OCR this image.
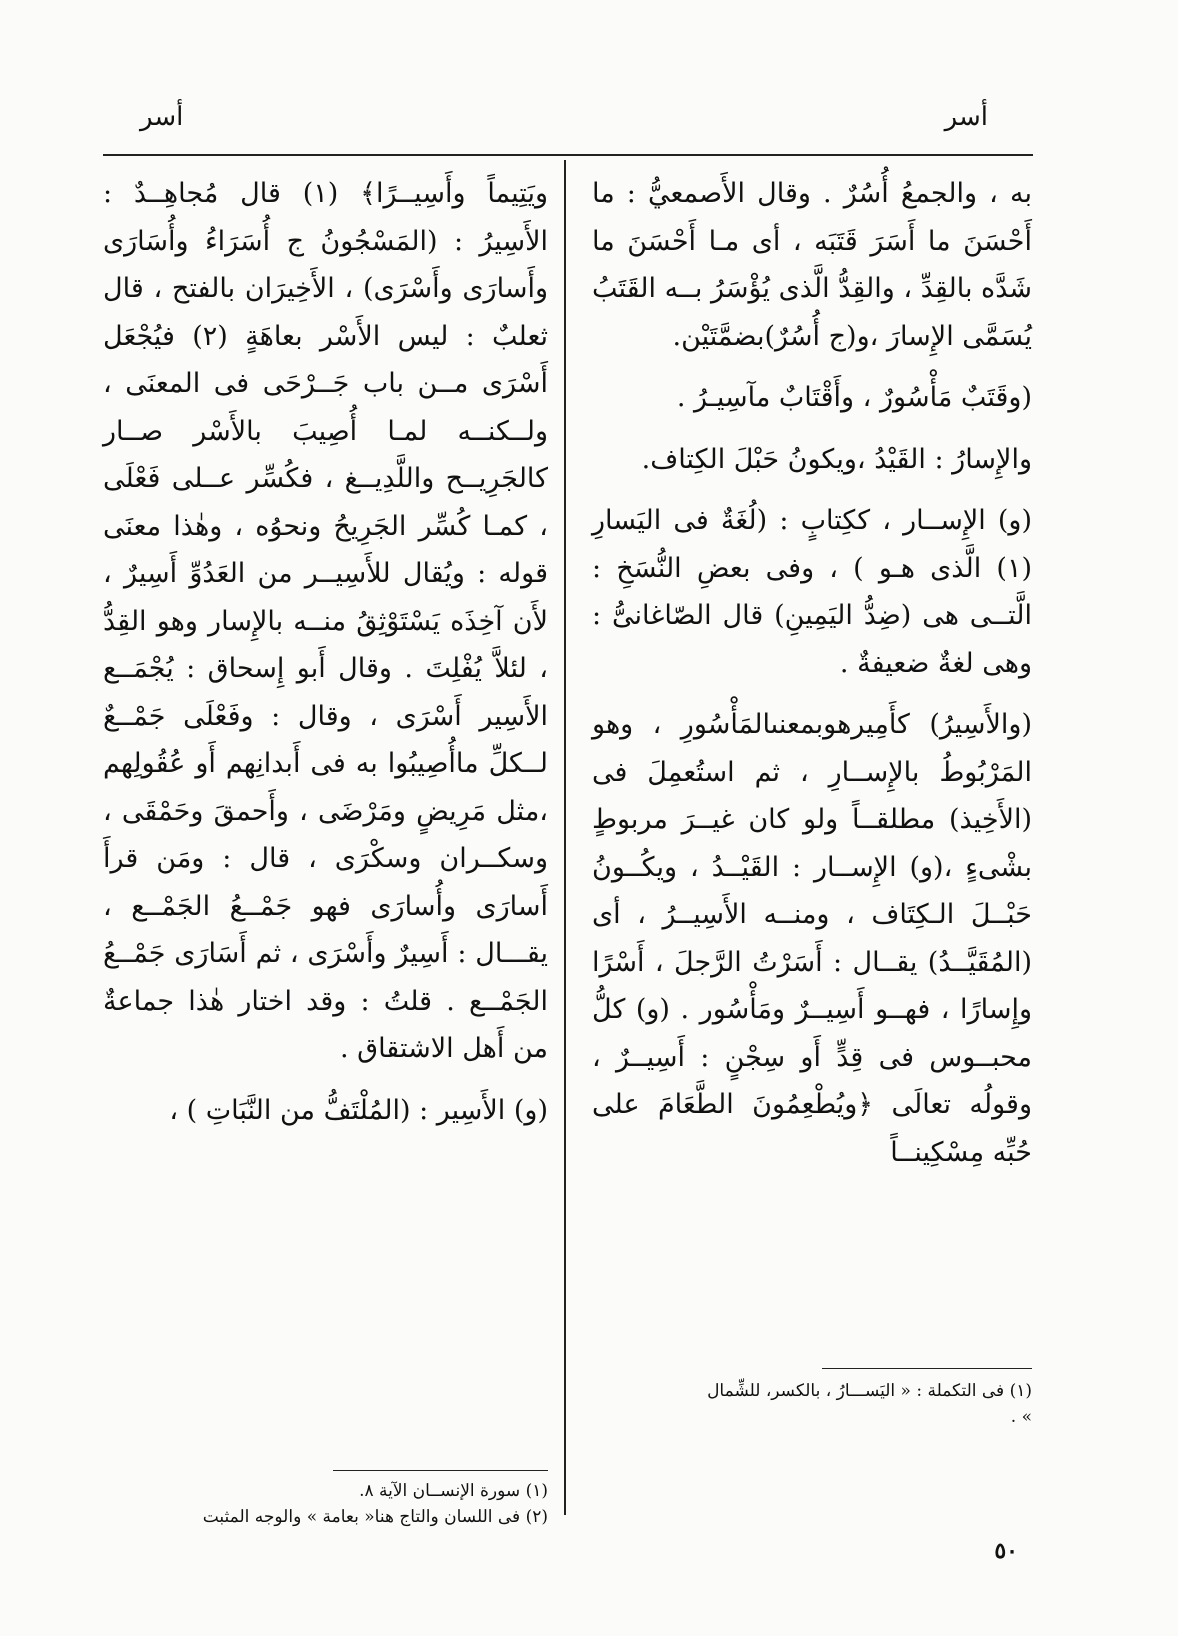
أسر
أسر

به ، والجمعُ أُسُرٌ . وقال الأَصمعيُّ : ما أَحْسَنَ ما أَسَرَ قَتَبَه ، أى مـا أَحْسَنَ ما شَدَّه بالقِدِّ ، والقِدُّ الَّذى يُؤْسَرُ بــه القَتَبُ يُسَمَّى الإِسارَ ،و(ج أُسُرٌ)بضمَّتَيْن.

(وقَتَبٌ مَأْسُورٌ ، وأَقْتَابٌ مآسِيـرُ .

والإِسارُ : القَيْدُ ،ويكونُ حَبْلَ الكِتاف.

(و) الإِســار ، ككِتابٍ : (لُغَةٌ فى اليَسارِ (١) الَّذى هـو ) ، وفى بعضِ النُّسَخِ : الَّتــى هى (ضِدُّ اليَمِينِ) قال الصّاغانىُّ : وهى لغةٌ ضعيفةٌ .

(والأَسِيرُ) كأَمِيرهوبمعنىالمَأْسُورِ ، وهو المَرْبُوطُ بالإِســارِ ، ثم استُعمِلَ فى (الأَخِيذ) مطلقــاً ولو كان غيــرَ مربوطٍ بشْىءٍ ،(و) الإِســار : القَيْــدُ ، ويكُــونُ حَبْــلَ الـكِتَاف ، ومنــه الأَسِيــرُ ، أى (المُقَيَّــدُ) يقــال : أَسَرْتُ الرَّجلَ ، أَسْرًا وإِسارًا ، فهــو أَسِيــرٌ ومَأْسُور . (و) كلُّ محبــوس فى قِدٍّ أَو سِجْنٍ : أَسِيــرٌ ، وقولُه تعالَى ﴿ويُطْعِمُونَ الطَّعَامَ على حُبِّه مِسْكِينــاً

ويَتِيماً وأَسِيــرًا﴾ (١) قال مُجاهِــدٌ : الأَسِيرُ : (المَسْجُونُ ج أُسَرَاءُ وأُسَارَى وأَسارَى وأَسْرَى) ، الأَخِيرَان بالفتح ، قال ثعلبٌ : ليس الأَسْر بعاهَةٍ (٢) فيُجْعَل أَسْرَى مــن باب جَــرْحَى فى المعنَى ، ولــكنــه لمـا أُصِيبَ بالأَسْر صــار كالجَرِيــح واللَّدِيــغ ، فكُسِّر عــلى فَعْلَى ، كمـا كُسِّر الجَرِيحُ ونحوُه ، وهٰذا معنَى قوله : ويُقال للأَسِيــر من العَدُوِّ أَسِيرٌ ، لأَن آخِذَه يَسْتَوْثِقُ منــه بالإِسار وهو القِدُّ ، لئلاَّ يُفْلِتَ . وقال أَبو إِسحاق : يُجْمَــع الأَسِير أَسْرَى ، وقال : وفَعْلَى جَمْــعٌ لــكلِّ ماأُصِيبُوا به فى أَبدانِهم أَو عُقُولِهم ،مثل مَرِيضٍ ومَرْضَى ، وأَحمقَ وحَمْقَى ، وسكــران وسكْرَى ، قال : ومَن قرأَ أَسارَى وأُسارَى فهو جَمْــعُ الجَمْــع ، يقـــال : أَسِيرٌ وأَسْرَى ، ثم أَسَارَى جَمْــعُ الجَمْــع . قلتُ : وقد اختار هٰذا جماعةٌ من أَهل الاشتقاق .

(و) الأَسِير : (المُلْتَفُّ من النَّبَاتِ ) ،

(١) فى التكملة : « اليَســـارُ ، بالكسر، للشِّمال » .
(١) سورة الإنســان الآية ٨.
(٢) فى اللسان والتاج هنا« بعامة » والوجه المثبت
٥٠
